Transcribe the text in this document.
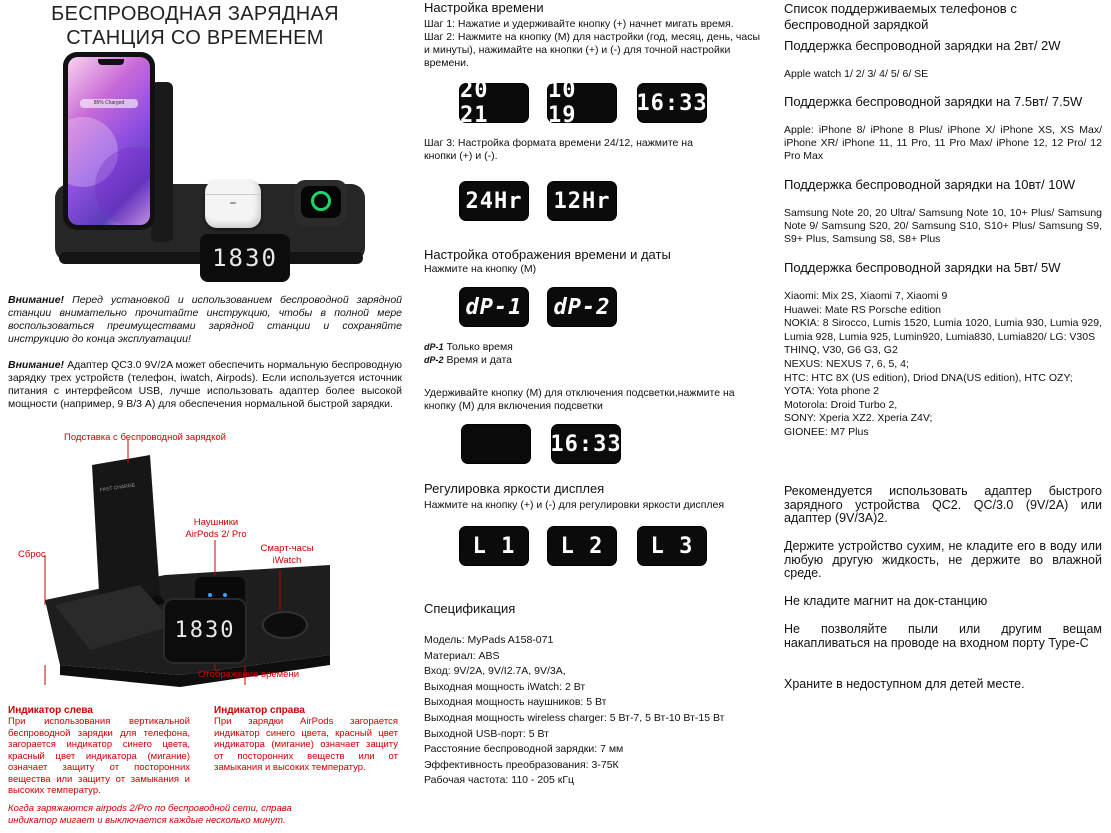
БЕСПРОВОДНАЯ ЗАРЯДНАЯ
СТАНЦИЯ СО ВРЕМЕНЕМ
85% Charged
1830
Внимание! Перед установкой и использованием беспроводной зарядной станции внимательно прочитайте инструкцию, чтобы в полной мере воспользоваться преимуществами зарядной станции и сохраняйте инструкцию до конца эксплуатации!
Внимание! Адаптер QC3.0 9V/2A может обеспечить нормальную беспроводную зарядку трех устройств (телефон, iwatch, Airpods). Если используется источник питания с интерфейсом USB, лучше использовать адаптер более высокой мощности (например, 9 В/3 А) для обеспечения нормальной быстрой зарядки.
FAST CHARGE
1830
Подставка с беспроводной зарядкой
Наушники AirPods 2/ Pro
Сброс
Смарт-часы iWatch
Отображение времени
Индикатор слева
При использования вертикальной беспроводной зарядки для телефона, загорается индикатор синего цвета, красный цвет индикатора (мигание) означает защиту от посторонних вещества или защиту от замыкания и высоких температур.
Индикатор справа
При зарядки AirPods загорается индикатор синего цвета, красный цвет индикатора (мигание) означает защиту от посторонних веществ или от замыкания и высоких температур.
Когда заряжаются airpods 2/Pro по беспроводной сети, справа индикатор мигает и выключается каждые несколько минут.
Настройка времени
Шаг 1: Нажатие и удерживайте кнопку (+) начнет мигать время.
Шаг 2: Нажмите на кнопку (М) для настройки (год, месяц, день, часы и минуты), нажимайте на кнопки (+) и (-) для точной настройки времени.
20 21
10 19	16:33
Шаг 3: Настройка формата времени 24/12, нажмите на кнопки (+) и (-).
24Hr 12Hr
Настройка отображения времени и даты
Нажмите на кнопку (М)
dP-1 dP-2
dP-1 Только время
dP-2 Время и дата
Удерживайте кнопку (М) для отключения подсветки,нажмите на кнопку (М) для включения подсветки
16:33
Регулировка яркости дисплея
Нажмите на кнопку (+) и (-) для регулировки яркости дисплея
L 1	L 2	L 3
Спецификация
Модель: MyPads A158-071
Материал: ABS
Вход: 9V/2A, 9V/I2.7A, 9V/3A,
Выходная мощность iWatch: 2 Вт
Выходная мощность наушников: 5 Вт
Выходная мощность wireless charger: 5 Вт-7, 5 Вт-10 Вт-15 Вт
Выходной USB-порт: 5 Вт
Расстояние беспроводной зарядки: 7 мм
Эффективность преобразования: 3-75К
Рабочая частота: 110 - 205 кГц
Список поддерживаемых телефонов с беспроводной зарядкой
Поддержка беспроводной зарядки на 2вт/ 2W
Apple watch 1/ 2/ 3/ 4/ 5/ 6/ SE
Поддержка беспроводной зарядки на 7.5вт/ 7.5W
Apple: iPhone 8/ iPhone 8 Plus/ iPhone X/ iPhone XS, XS Max/ iPhone XR/ iPhone 11, 11 Pro, 11 Pro Max/ iPhone 12, 12 Pro/ 12 Pro Max
Поддержка беспроводной зарядки на 10вт/ 10W
Samsung Note 20, 20 Ultra/ Samsung Note 10, 10+ Plus/ Samsung Note 9/ Samsung S20, 20/ Samsung S10, S10+ Plus/ Samsung S9, S9+ Plus, Samsung S8, S8+ Plus
Поддержка беспроводной зарядки на 5вт/ 5W
Xiaomi: Mix 2S, Xiaomi 7, Xiaomi 9
Huawei: Mate RS Porsche edition
NOKIA: 8 Sirocco, Lumis 1520, Lumia 1020, Lumia 930, Lumia 929, Lumia 928, Lumia 925, Lumin920, Lumia830, Lumia820/ LG: V30S
THINQ, V30, G6 G3, G2
NEXUS: NEXUS 7, 6, 5, 4;
HTC: HTC 8X (US edition), Driod DNA(US edition), HTC OZY;
YOTA: Yota phone 2
Motorola: Droid Turbo 2,
SONY: Xperia XZ2. Xperia Z4V;
GIONEE: M7 Plus
Рекомендуется использовать адаптер быстрого зарядного устройства QC2. QC/3.0 (9V/2A) или адаптер (9V/3A)2.
Держите устройство сухим, не кладите его в воду или любую другую жидкость, не держите во влажной среде.
Не кладите магнит на док-станцию
Не позволяйте пыли или другим вещам накапливаться на проводе на входном порту Type-C
Храните в недоступном для детей месте.
